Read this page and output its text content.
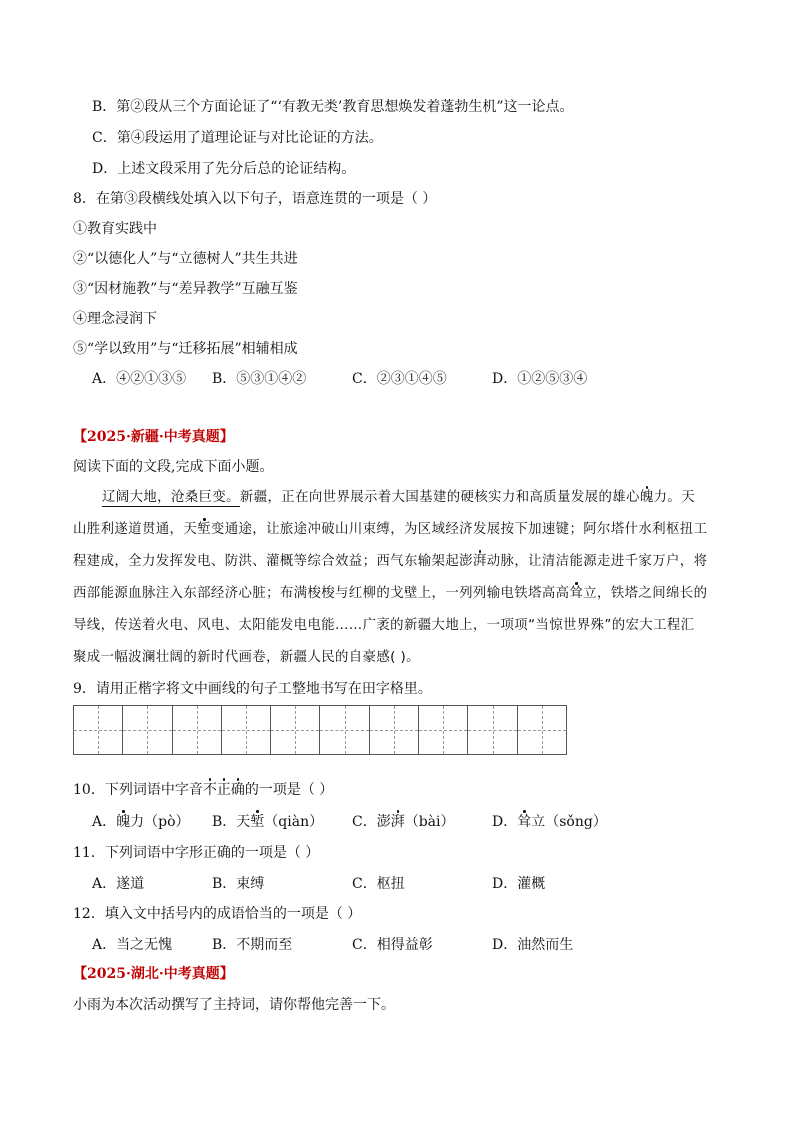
B．第②段从三个方面论证了“‘有教无类’教育思想焕发着蓬勃生机”这一论点。
C．第④段运用了道理论证与对比论证的方法。
D．上述文段采用了先分后总的论证结构。
8．在第③段横线处填入以下句子，语意连贯的一项是（ ）
①教育实践中
②“以德化人”与“立德树人”共生共进
③“因材施教”与“差异教学”互融互鉴
④理念浸润下
⑤“学以致用”与“迁移拓展”相辅相成
A．④②①③⑤ B．⑤③①④②	C．②③①④⑤	D．①②⑤③④
【2025·新疆·中考真题】
阅读下面的文段,完成下面小题。
辽阔大地，沧桑巨变。新疆，正在向世界展示着大国基建的硬核实力和高质量发展的雄心魄力。天
山胜利遂道贯通，天堑变通途，让旅途冲破山川束缚，为区域经济发展按下加速键；阿尔塔什水利枢扭工
程建成，全力发挥发电、防洪、灌概等综合效益；西气东输架起澎湃动脉，让清洁能源走进千家万户，将
西部能源血脉注入东部经济心脏；布满梭梭与红柳的戈壁上，一列列输电铁塔高高耸立，铁塔之间绵长的
导线，传送着火电、风电、太阳能发电电能……广袤的新疆大地上，一项项“当惊世界殊”的宏大工程汇
聚成一幅波澜壮阔的新时代画卷，新疆人民的自豪感( )。
9．请用正楷字将文中画线的句子工整地书写在田字格里。
10．下列词语中字音不正确的一项是（ ）
A．魄力（pò） B．天堑（qiàn） C．澎湃（bài）	D．耸立（sǒng）
11．下列词语中字形正确的一项是（ ）
A．遂道	B．束缚	C．枢扭	D．灌概
12．填入文中括号内的成语恰当的一项是（ ）
A．当之无愧	B．不期而至	C．相得益彰	D．油然而生
【2025·湖北·中考真题】
小雨为本次活动撰写了主持词，请你帮他完善一下。
